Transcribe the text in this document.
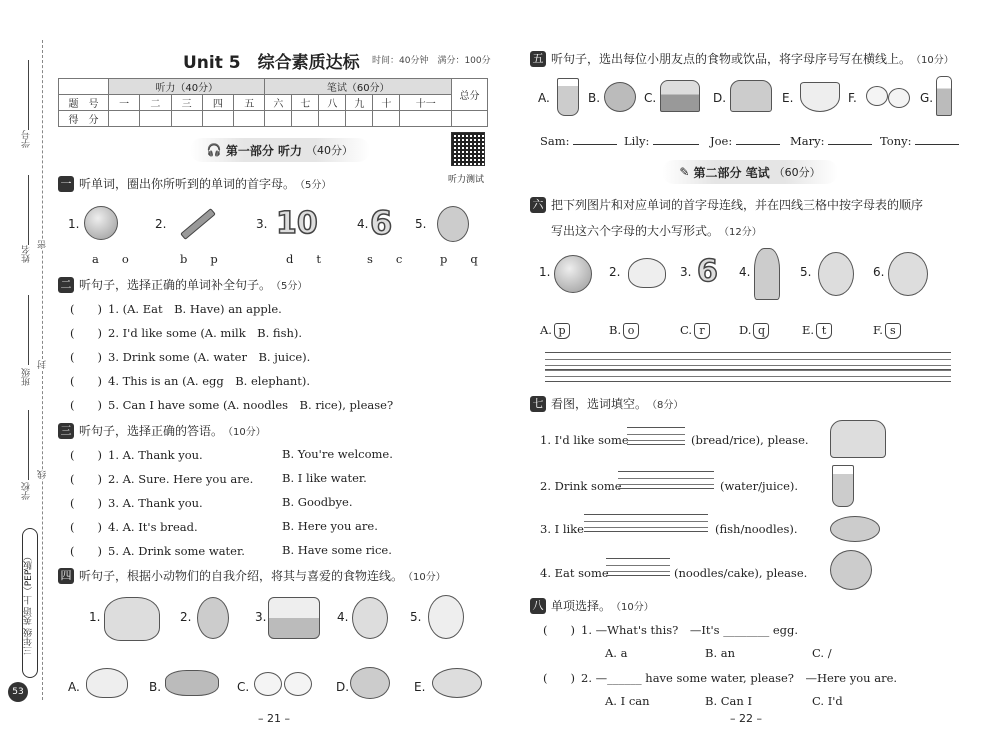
学号
姓名
班级
学校
密
封
线
三年级 英语 上（PEP版）
53
Unit 5　综合素质达标 时间：40分钟　满分：100分
	听力（40分）					笔试（60分）						总分
题　号	一	二	三	四	五	六	七	八	九	十	十一	
得　分												
听力测试
🎧 第一部分 听力 （40分）
一 听单词，圈出你所听到的单词的首字母。 （5分）
1.
a　　o
2.
b　　p
3. 10
d　　t
4. 6
s　　c
5.
p　　q
二 听句子，选择正确的单词补全句子。 （5分）
(　　) 1. (A. Eat　B. Have) an apple.
(　　) 2. I'd like some (A. milk　B. fish).
(　　) 3. Drink some (A. water　B. juice).
(　　) 4. This is an (A. egg　B. elephant).
(　　) 5. Can I have some (A. noodles　B. rice), please?
三 听句子，选择正确的答语。 （10分）
(　　) 1. A. Thank you.	B. You're welcome.
(　　) 2. A. Sure. Here you are.	B. I like water.
(　　) 3. A. Thank you.	B. Goodbye.
(　　) 4. A. It's bread.	B. Here you are.
(　　) 5. A. Drink some water.	B. Have some rice.
四 听句子，根据小动物们的自我介绍，将其与喜爱的食物连线。 （10分）
1.	2.	3.	4.	5.
A.	B.	C.	D.	E.
– 21 –
五 听句子，选出每位小朋友点的食物或饮品，将字母序号写在横线上。 （10分）
A.	B.	C.	D.	E.	F.	G.
Sam:	Lily:	Joe:	Mary:	Tony:
✎ 第二部分 笔试 （60分）
六 把下列图片和对应单词的首字母连线，并在四线三格中按字母表的顺序
写出这六个字母的大小写形式。 （12分）
1.	2.	3. 6 4.	5.	6.
A. p	B. o	C. r	D. q	E. t	F. s
七 看图，选词填空。 （8分）
1. I'd like some	(bread/rice), please.
2. Drink some	(water/juice).
3. I like	(fish/noodles).
4. Eat some	(noodles/cake), please.
八 单项选择。 （10分）
(　　) 1. —What's this?　—It's ________ egg.
A. a	B. an	C. /
(　　) 2. —______ have some water, please?　—Here you are.
A. I can	B. Can I	C. I'd
– 22 –
